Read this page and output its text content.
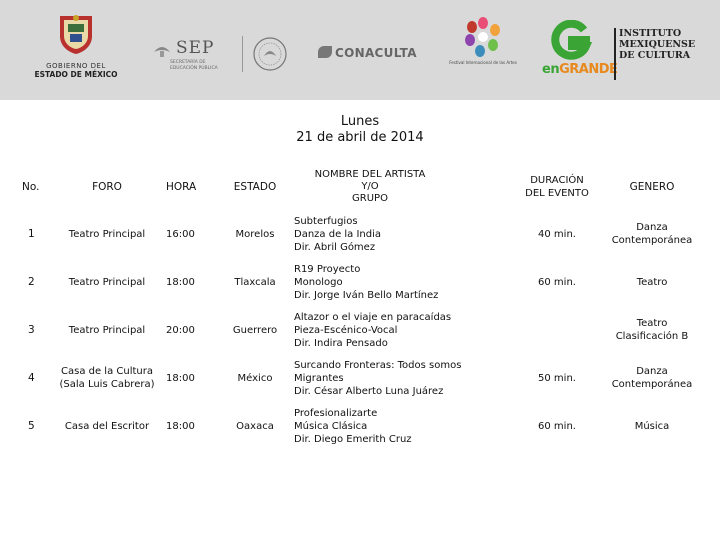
GOBIERNO DEL
ESTADO DE MÉXICO
SEP
SECRETARÍA DE EDUCACIÓN PÚBLICA
CONACULTA
Festival Internacional de las Artes enGRANDE
INSTITUTO
MEXIQUENSE
DE CULTURA
Lunes
21 de abril de 2014
No.	FORO	HORA	ESTADO	NOMBRE DEL ARTISTA
Y/O
GRUPO	DURACIÓN
DEL EVENTO	GENERO
1	Teatro Principal	16:00	Morelos	Subterfugios
Danza de la India
Dir. Abril Gómez	40 min.	Danza
Contemporánea
2	Teatro Principal	18:00	Tlaxcala	R19 Proyecto
Monologo
Dir. Jorge Iván Bello Martínez	60 min.	Teatro
3	Teatro Principal	20:00	Guerrero	Altazor o el viaje en paracaídas
Pieza-Escénico-Vocal
Dir. Indira Pensado		Teatro
Clasificación B
4	Casa de la Cultura
(Sala Luis Cabrera)	18:00	México	Surcando Fronteras: Todos somos
Migrantes
Dir. César Alberto Luna Juárez	50 min.	Danza
Contemporánea
5	Casa del Escritor	18:00	Oaxaca	Profesionalizarte
Música Clásica
Dir. Diego Emerith Cruz	60 min.	Música
